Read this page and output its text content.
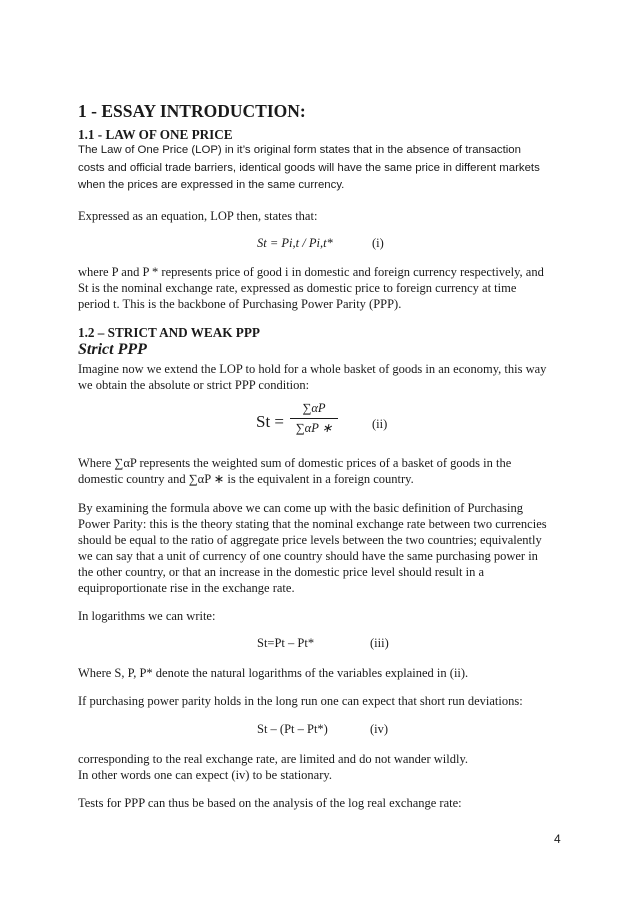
1 - ESSAY INTRODUCTION:
1.1 - LAW OF ONE PRICE
The Law of One Price (LOP) in it’s original form states that in the absence of transaction
costs and official trade barriers, identical goods will have the same price in different markets
when the prices are expressed in the same currency.
Expressed as an equation, LOP then, states that:
St = Pi,t / Pi,t*	(i)
where P and P * represents price of good i in domestic and foreign currency respectively, and
St is the nominal exchange rate, expressed as domestic price to foreign currency at time
period t. This is the backbone of Purchasing Power Parity (PPP).
1.2 – STRICT AND WEAK PPP
Strict PPP
Imagine now we extend the LOP to hold for a whole basket of goods in an economy, this way
we obtain the absolute or strict PPP condition:
St =
∑αP
∑αP ∗	(ii)
Where ∑αP represents the weighted sum of domestic prices of a basket of goods in the
domestic country and ∑αP ∗ is the equivalent in a foreign country.
By examining the formula above we can come up with the basic definition of Purchasing
Power Parity: this is the theory stating that the nominal exchange rate between two currencies
should be equal to the ratio of aggregate price levels between the two countries; equivalently
we can say that a unit of currency of one country should have the same purchasing power in
the other country, or that an increase in the domestic price level should result in a
equiproportionate rise in the exchange rate.
In logarithms we can write:
St=Pt – Pt*	(iii)
Where S, P, P* denote the natural logarithms of the variables explained in (ii).
If purchasing power parity holds in the long run one can expect that short run deviations:
St – (Pt – Pt*)	(iv)
corresponding to the real exchange rate, are limited and do not wander wildly.
In other words one can expect (iv) to be stationary.
Tests for PPP can thus be based on the analysis of the log real exchange rate:
4
